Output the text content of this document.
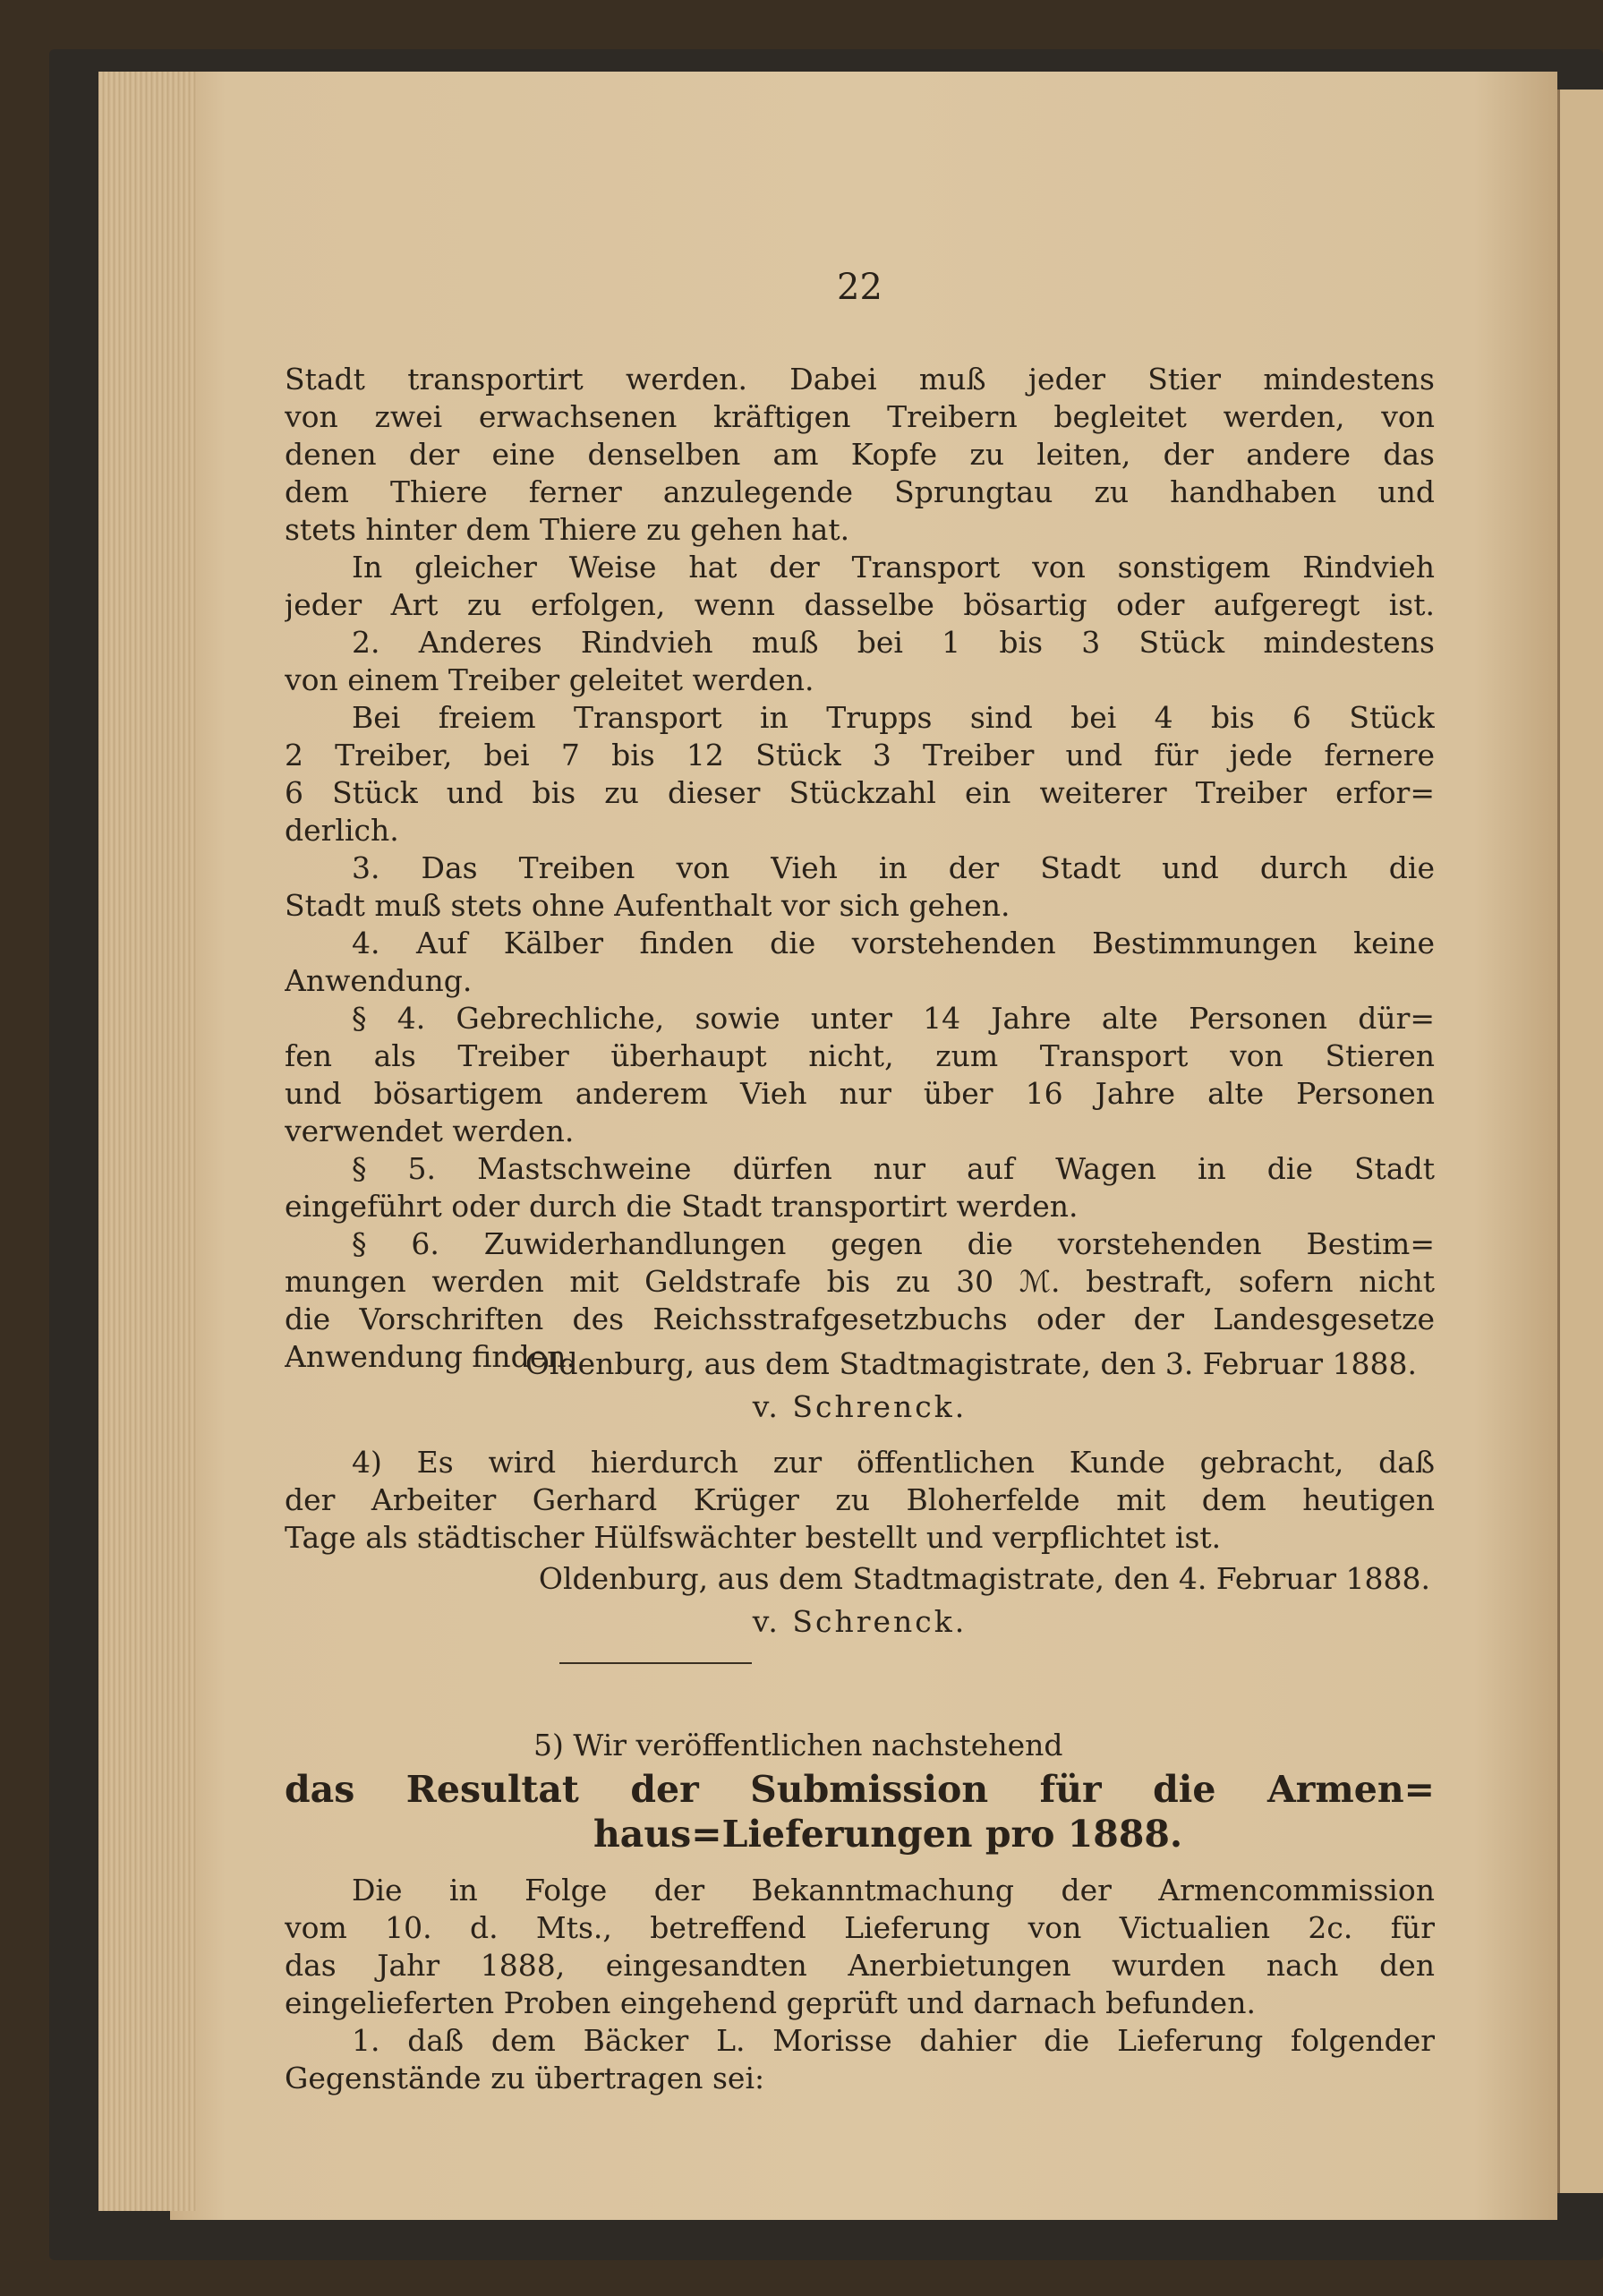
22
Stadt transportirt werden. Dabei muß jeder Stier mindestens
von zwei erwachsenen kräftigen Treibern begleitet werden, von
denen der eine denselben am Kopfe zu leiten, der andere das
dem Thiere ferner anzulegende Sprungtau zu handhaben und
stets hinter dem Thiere zu gehen hat.
In gleicher Weise hat der Transport von sonstigem Rindvieh
jeder Art zu erfolgen, wenn dasselbe bösartig oder aufgeregt ist.
2. Anderes Rindvieh muß bei 1 bis 3 Stück mindestens
von einem Treiber geleitet werden.
Bei freiem Transport in Trupps sind bei 4 bis 6 Stück
2 Treiber, bei 7 bis 12 Stück 3 Treiber und für jede fernere
6 Stück und bis zu dieser Stückzahl ein weiterer Treiber erfor=
derlich.
3. Das Treiben von Vieh in der Stadt und durch die
Stadt muß stets ohne Aufenthalt vor sich gehen.
4. Auf Kälber finden die vorstehenden Bestimmungen keine
Anwendung.
§ 4. Gebrechliche, sowie unter 14 Jahre alte Personen dür=
fen als Treiber überhaupt nicht, zum Transport von Stieren
und bösartigem anderem Vieh nur über 16 Jahre alte Personen
verwendet werden.
§ 5. Mastschweine dürfen nur auf Wagen in die Stadt
eingeführt oder durch die Stadt transportirt werden.
§ 6. Zuwiderhandlungen gegen die vorstehenden Bestim=
mungen werden mit Geldstrafe bis zu 30 ℳ. bestraft, sofern nicht
die Vorschriften des Reichsstrafgesetzbuchs oder der Landesgesetze
Anwendung finden.
Oldenburg, aus dem Stadtmagistrate, den 3. Februar 1888.
v. Schrenck.
4) Es wird hierdurch zur öffentlichen Kunde gebracht, daß
der Arbeiter Gerhard Krüger zu Bloherfelde mit dem heutigen
Tage als städtischer Hülfswächter bestellt und verpflichtet ist.
Oldenburg, aus dem Stadtmagistrate, den 4. Februar 1888.
v. Schrenck.
5) Wir veröffentlichen nachstehend
das Resultat der Submission für die Armen=
haus=Lieferungen pro 1888.
Die in Folge der Bekanntmachung der Armencommission
vom 10. d. Mts., betreffend Lieferung von Victualien 2c. für
das Jahr 1888, eingesandten Anerbietungen wurden nach den
eingelieferten Proben eingehend geprüft und darnach befunden.
1. daß dem Bäcker L. Morisse dahier die Lieferung folgender
Gegenstände zu übertragen sei:
